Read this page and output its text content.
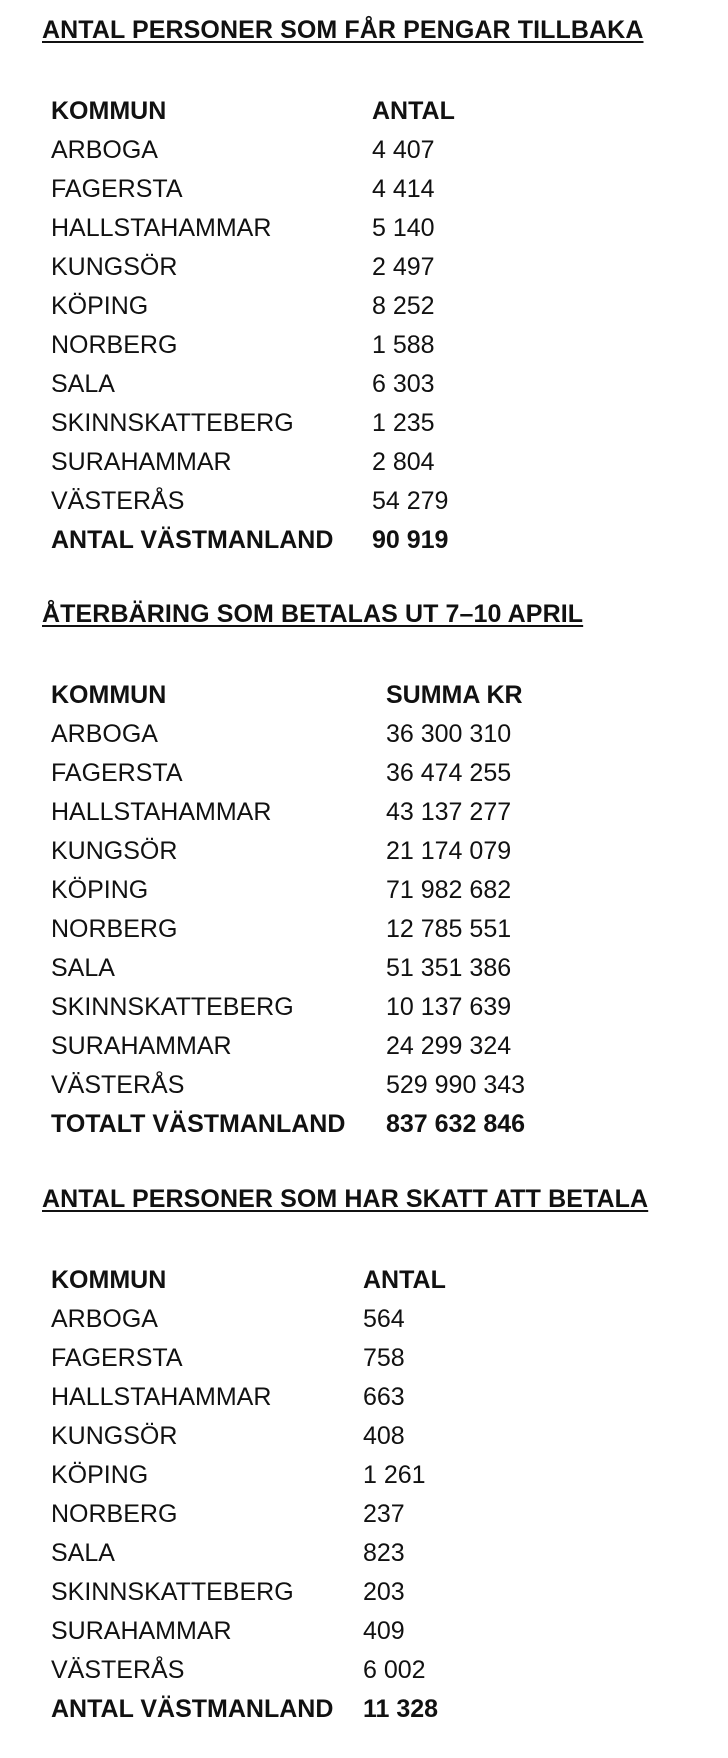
ANTAL PERSONER SOM FÅR PENGAR TILLBAKA
KOMMUN	ANTAL
ARBOGA	4 407
FAGERSTA	4 414
HALLSTAHAMMAR	5 140
KUNGSÖR	2 497
KÖPING	8 252
NORBERG	1 588
SALA	6 303
SKINNSKATTEBERG	1 235
SURAHAMMAR	2 804
VÄSTERÅS	54 279
ANTAL VÄSTMANLAND	90 919
ÅTERBÄRING SOM BETALAS UT 7–10 APRIL
KOMMUN	SUMMA KR
ARBOGA	36 300 310
FAGERSTA	36 474 255
HALLSTAHAMMAR	43 137 277
KUNGSÖR	21 174 079
KÖPING	71 982 682
NORBERG	12 785 551
SALA	51 351 386
SKINNSKATTEBERG	10 137 639
SURAHAMMAR	24 299 324
VÄSTERÅS	529 990 343
TOTALT VÄSTMANLAND	837 632 846
ANTAL PERSONER SOM HAR SKATT ATT BETALA
KOMMUN	ANTAL
ARBOGA	564
FAGERSTA	758
HALLSTAHAMMAR	663
KUNGSÖR	408
KÖPING	1 261
NORBERG	237
SALA	823
SKINNSKATTEBERG	203
SURAHAMMAR	409
VÄSTERÅS	6 002
ANTAL VÄSTMANLAND	11 328
